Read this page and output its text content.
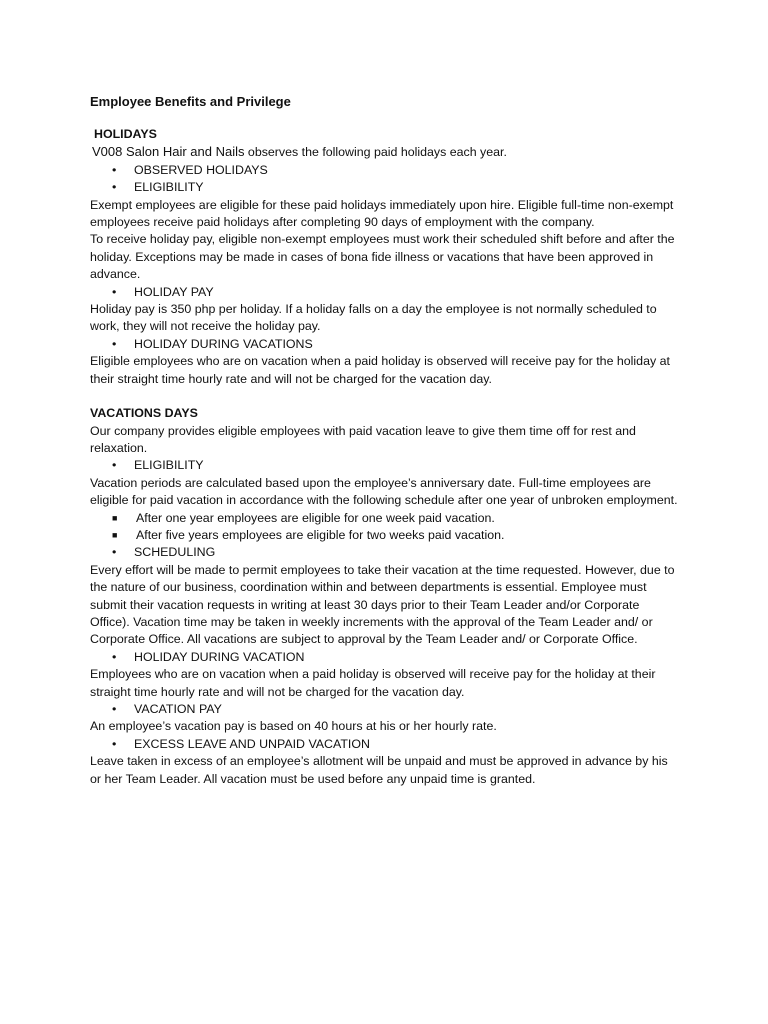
Employee Benefits and Privilege

HOLIDAYS

V008 Salon Hair and Nails observes the following paid holidays each year.

• OBSERVED HOLIDAYS

• ELIGIBILITY

Exempt employees are eligible for these paid holidays immediately upon hire. Eligible full-time non-exempt employees receive paid holidays after completing 90 days of employment with the company.

To receive holiday pay, eligible non-exempt employees must work their scheduled shift before and after the holiday. Exceptions may be made in cases of bona fide illness or vacations that have been approved in advance.

• HOLIDAY PAY

Holiday pay is 350 php per holiday. If a holiday falls on a day the employee is not normally scheduled to work, they will not receive the holiday pay.

• HOLIDAY DURING VACATIONS

Eligible employees who are on vacation when a paid holiday is observed will receive pay for the holiday at their straight time hourly rate and will not be charged for the vacation day.

VACATIONS DAYS

Our company provides eligible employees with paid vacation leave to give them time off for rest and relaxation.

• ELIGIBILITY

Vacation periods are calculated based upon the employee’s anniversary date. Full-time employees are eligible for paid vacation in accordance with the following schedule after one year of unbroken employment.

■ After one year employees are eligible for one week paid vacation.

■ After five years employees are eligible for two weeks paid vacation.

• SCHEDULING

Every effort will be made to permit employees to take their vacation at the time requested. However, due to the nature of our business, coordination within and between departments is essential. Employee must submit their vacation requests in writing at least 30 days prior to their Team Leader and/or Corporate Office). Vacation time may be taken in weekly increments with the approval of the Team Leader and/ or Corporate Office. All vacations are subject to approval by the Team Leader and/ or Corporate Office.

• HOLIDAY DURING VACATION

Employees who are on vacation when a paid holiday is observed will receive pay for the holiday at their straight time hourly rate and will not be charged for the vacation day.

• VACATION PAY

An employee’s vacation pay is based on 40 hours at his or her hourly rate.

• EXCESS LEAVE AND UNPAID VACATION

Leave taken in excess of an employee’s allotment will be unpaid and must be approved in advance by his or her Team Leader. All vacation must be used before any unpaid time is granted.
